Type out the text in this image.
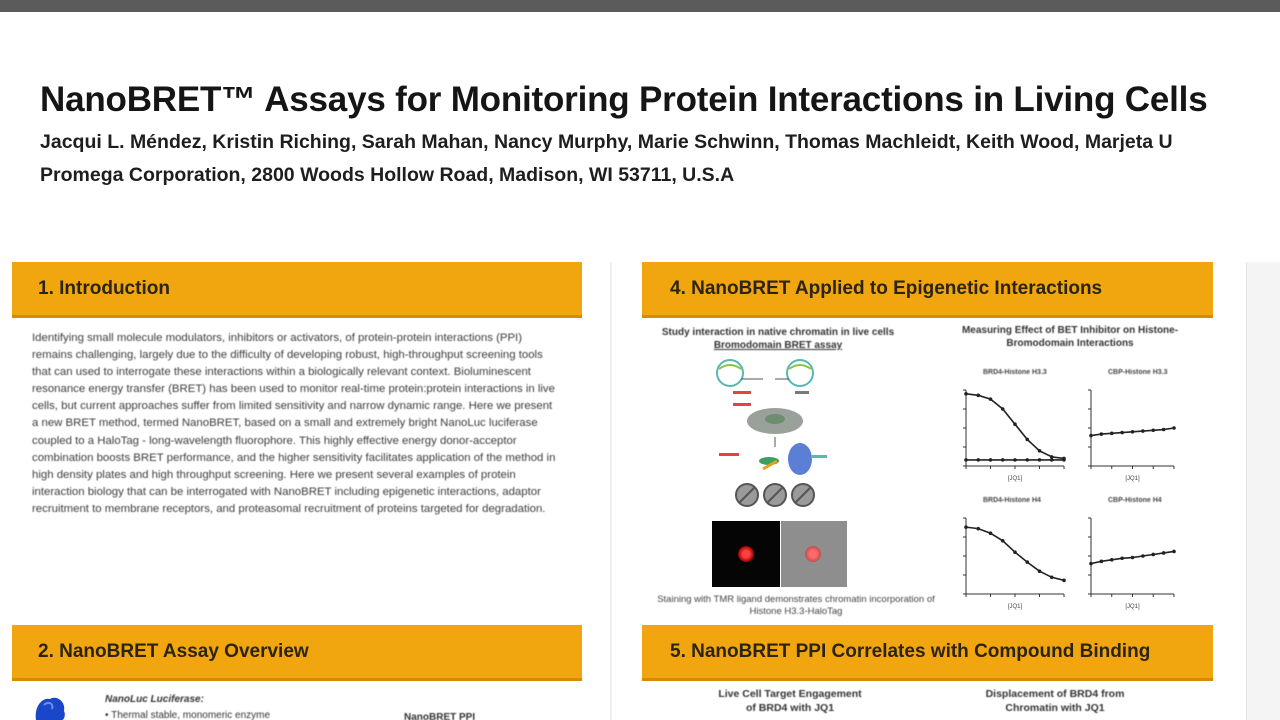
NanoBRET™ Assays for Monitoring Protein Interactions in Living Cells
Jacqui L. Méndez, Kristin Riching, Sarah Mahan, Nancy Murphy, Marie Schwinn, Thomas Machleidt, Keith Wood, Marjeta U
Promega Corporation, 2800 Woods Hollow Road, Madison, WI 53711, U.S.A
1. Introduction

Identifying small molecule modulators, inhibitors or activators, of protein-protein interactions (PPI) remains challenging, largely due to the difficulty of developing robust, high-throughput screening tools that can used to interrogate these interactions within a biologically relevant context. Bioluminescent resonance energy transfer (BRET) has been used to monitor real-time protein:protein interactions in live cells, but current approaches suffer from limited sensitivity and narrow dynamic range. Here we present a new BRET method, termed NanoBRET, based on a small and extremely bright NanoLuc luciferase coupled to a HaloTag - long-wavelength fluorophore. This highly effective energy donor-acceptor combination boosts BRET performance, and the higher sensitivity facilitates application of the method in high density plates and high throughput screening. Here we present several examples of protein interaction biology that can be interrogated with NanoBRET including epigenetic interactions, adaptor recruitment to membrane receptors, and proteasomal recruitment of proteins targeted for degradation.

2. NanoBRET Assay Overview
NanoLuc Luciferase:
• Thermal stable, monomeric enzyme	NanoBRET PPI
4. NanoBRET Applied to Epigenetic Interactions
Study interaction in native chromatin in live cells
Bromodomain BRET assay
Measuring Effect of BET Inhibitor on Histone-Bromodomain Interactions
Staining with TMR ligand demonstrates chromatin incorporation of Histone H3.3-HaloTag
BRD4-Histone H3.3	CBP-Histone H3.3
BRD4-Histone H4	CBP-Histone H4
[JQ1]	[JQ1]
[JQ1]	[JQ1]
5. NanoBRET PPI Correlates with Compound Binding
Live Cell Target Engagement
of BRD4 with JQ1
Displacement of BRD4 from
Chromatin with JQ1
